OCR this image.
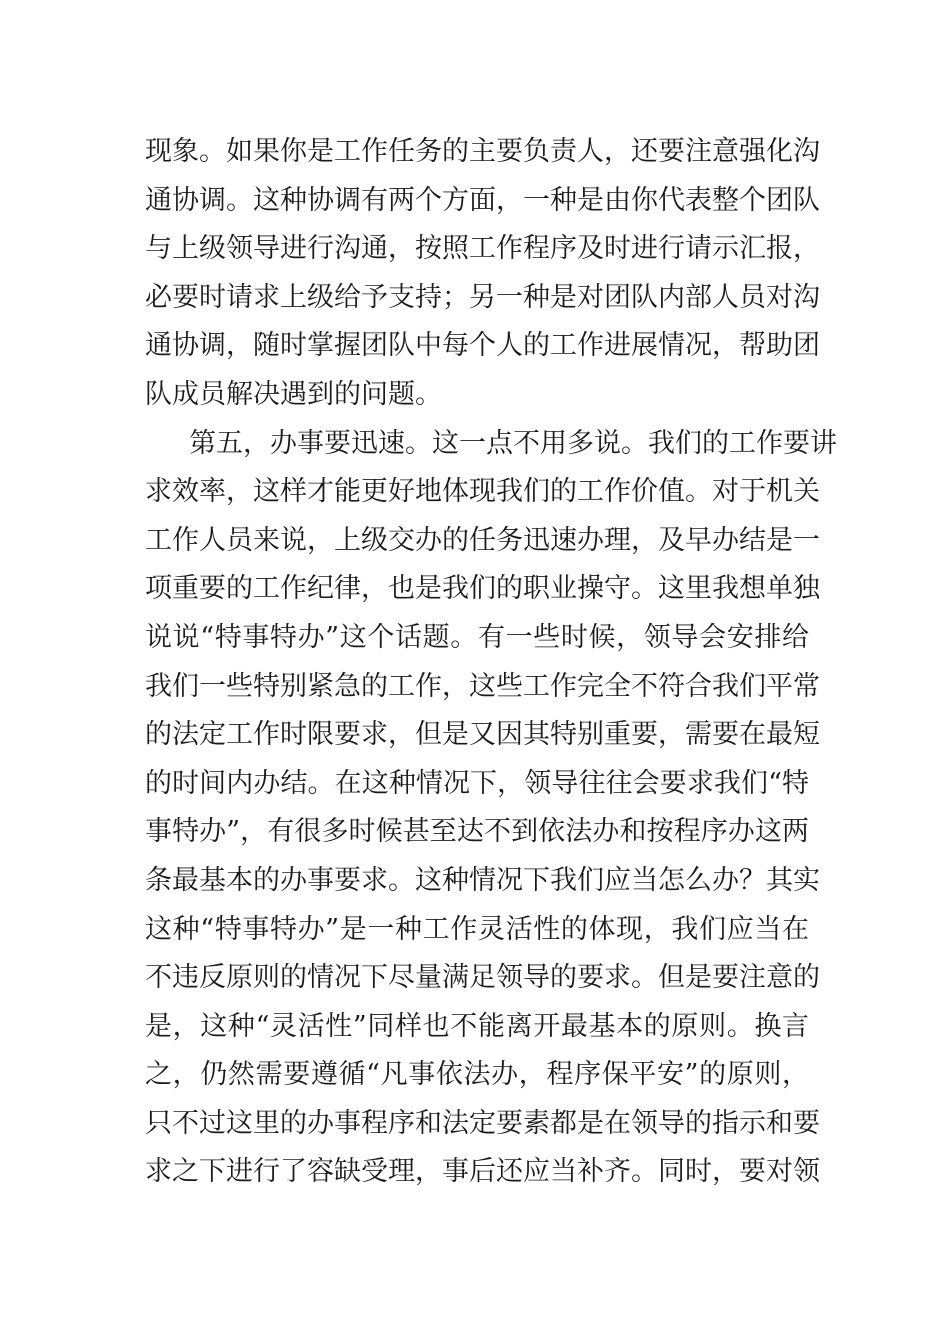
现象。如果你是工作任务的主要负责人，还要注意强化沟
通协调。这种协调有两个方面，一种是由你代表整个团队
与上级领导进行沟通，按照工作程序及时进行请示汇报，
必要时请求上级给予支持；另一种是对团队内部人员对沟
通协调，随时掌握团队中每个人的工作进展情况，帮助团
队成员解决遇到的问题。
第五，办事要迅速。这一点不用多说。我们的工作要讲
求效率，这样才能更好地体现我们的工作价值。对于机关
工作人员来说，上级交办的任务迅速办理，及早办结是一
项重要的工作纪律，也是我们的职业操守。这里我想单独
说说“特事特办”这个话题。有一些时候，领导会安排给
我们一些特别紧急的工作，这些工作完全不符合我们平常
的法定工作时限要求，但是又因其特别重要，需要在最短
的时间内办结。在这种情况下，领导往往会要求我们“特
事特办”，有很多时候甚至达不到依法办和按程序办这两
条最基本的办事要求。这种情况下我们应当怎么办？其实
这种“特事特办”是一种工作灵活性的体现，我们应当在
不违反原则的情况下尽量满足领导的要求。但是要注意的
是，这种“灵活性”同样也不能离开最基本的原则。换言
之，仍然需要遵循“凡事依法办，程序保平安”的原则，
只不过这里的办事程序和法定要素都是在领导的指示和要
求之下进行了容缺受理，事后还应当补齐。同时，要对领
